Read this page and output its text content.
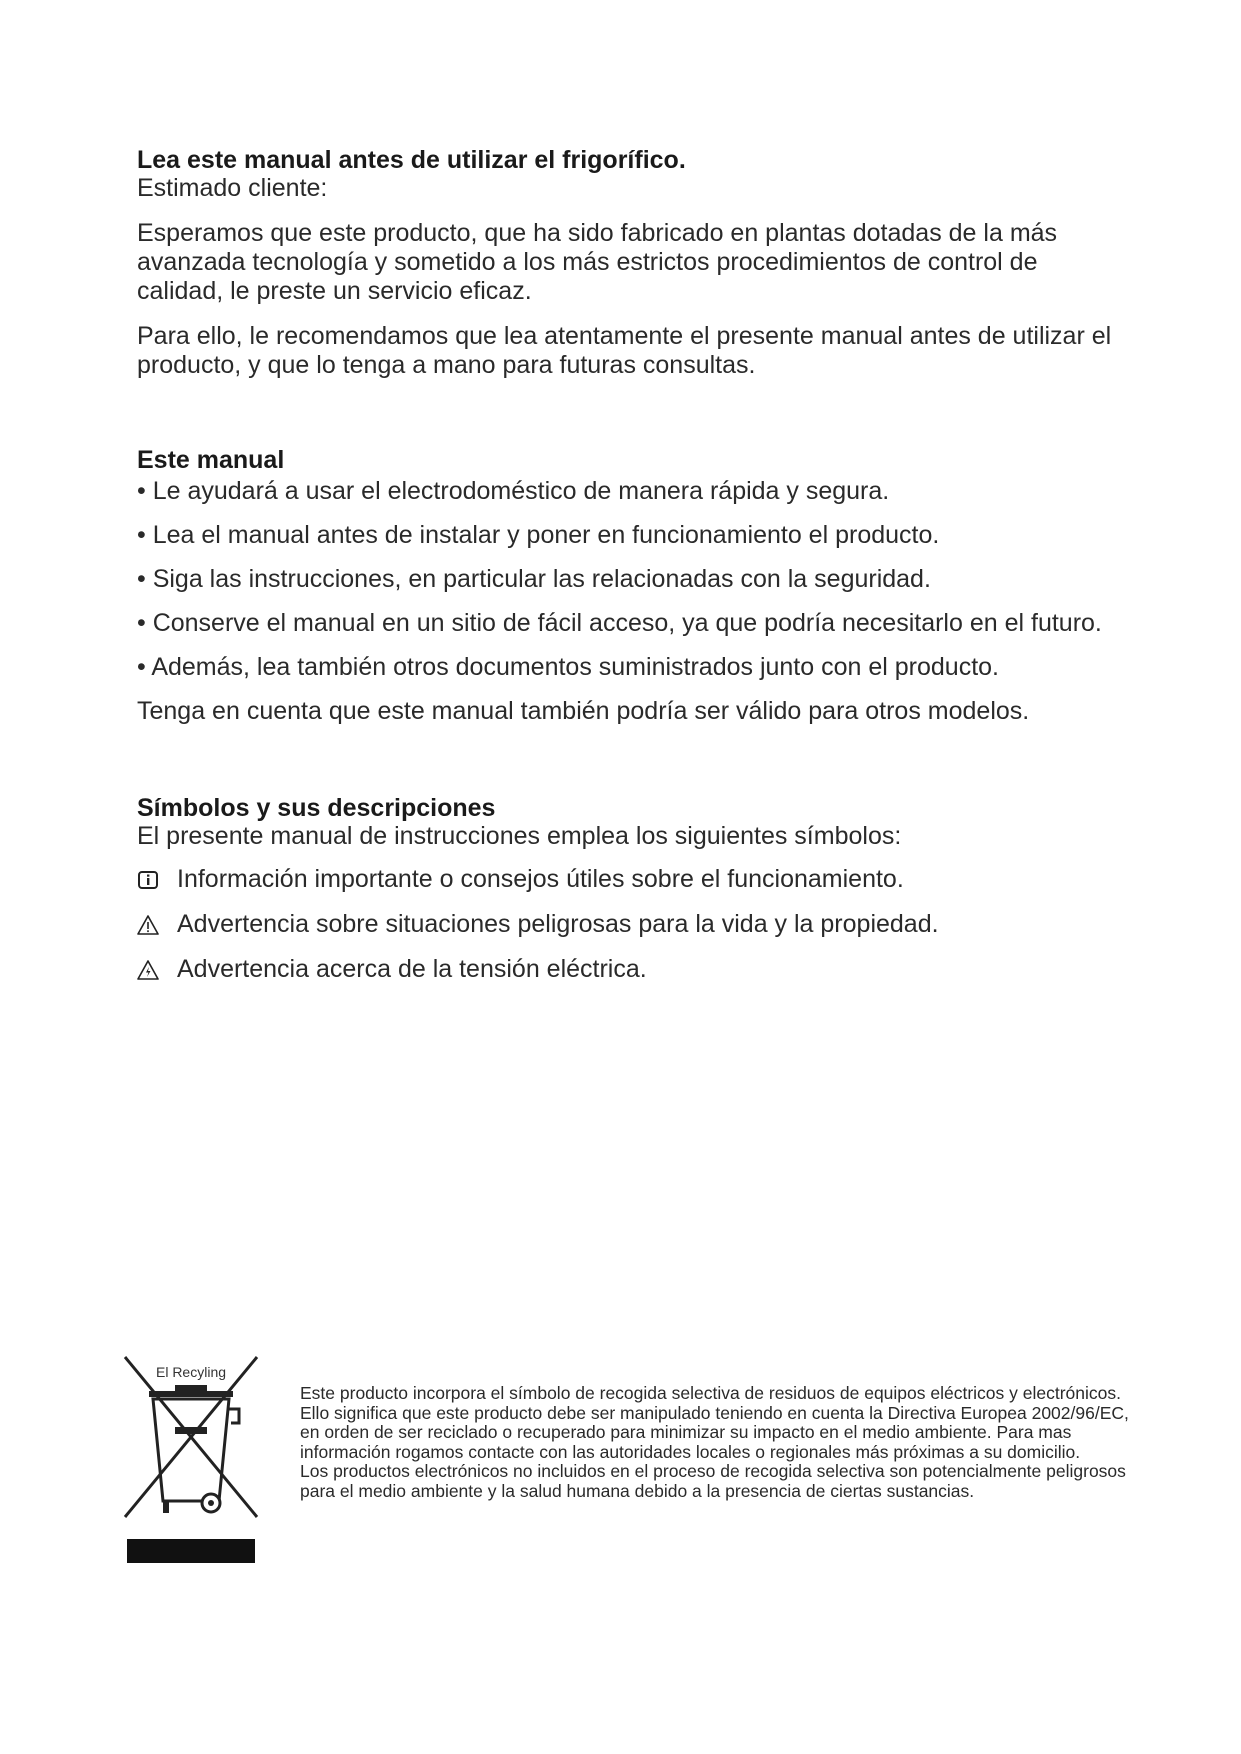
Lea este manual antes de utilizar el frigorífico.

Estimado cliente:

Esperamos que este producto, que ha sido fabricado en plantas dotadas de la más avanzada tecnología y sometido a los más estrictos procedimientos de control de calidad, le preste un servicio eficaz.

Para ello, le recomendamos que lea atentamente el presente manual antes de utilizar el producto, y que lo tenga a mano para futuras consultas.

Este manual

• Le ayudará a usar el electrodoméstico de manera rápida y segura.

• Lea el manual antes de instalar y poner en funcionamiento el producto.

• Siga las instrucciones, en particular las relacionadas con la seguridad.

• Conserve el manual en un sitio de fácil acceso, ya que podría necesitarlo en el futuro.

• Además, lea también otros documentos suministrados junto con el producto.

Tenga en cuenta que este manual también podría ser válido para otros modelos.

Símbolos y sus descripciones

El presente manual de instrucciones emplea los siguientes símbolos:

Información importante o consejos útiles sobre el funcionamiento.

Advertencia sobre situaciones peligrosas para la vida y la propiedad.

Advertencia acerca de la tensión eléctrica.

El Recyling

Este producto incorpora el símbolo de recogida selectiva de residuos de equipos eléctricos y electrónicos.

Ello significa que este producto debe ser manipulado teniendo en cuenta la Directiva Europea 2002/96/EC, en orden de ser reciclado o recuperado para minimizar su impacto en el medio ambiente. Para mas información rogamos contacte con las autoridades locales o regionales más próximas a su domicilio.

Los productos electrónicos no incluidos en el proceso de recogida selectiva son potencialmente peligrosos para el medio ambiente y la salud humana debido a la presencia de ciertas sustancias.
